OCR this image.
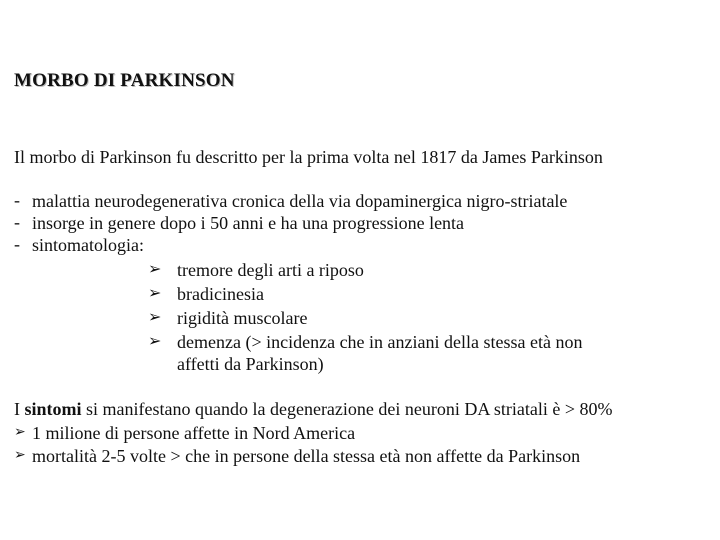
MORBO DI PARKINSON
Il morbo di Parkinson fu descritto per la prima volta nel 1817 da James Parkinson
- malattia neurodegenerativa cronica della via dopaminergica nigro-striatale
- insorge in genere dopo i 50 anni e ha una progressione lenta
- sintomatologia:
➢ tremore degli arti a riposo
➢ bradicinesia
➢ rigidità muscolare
➢ demenza (> incidenza che in anziani della stessa età non
affetti da Parkinson)
I sintomi si manifestano quando la degenerazione dei neuroni DA striatali è > 80%
➢ 1 milione di persone affette in Nord America
➢ mortalità 2-5 volte > che in persone della stessa età non affette da Parkinson
